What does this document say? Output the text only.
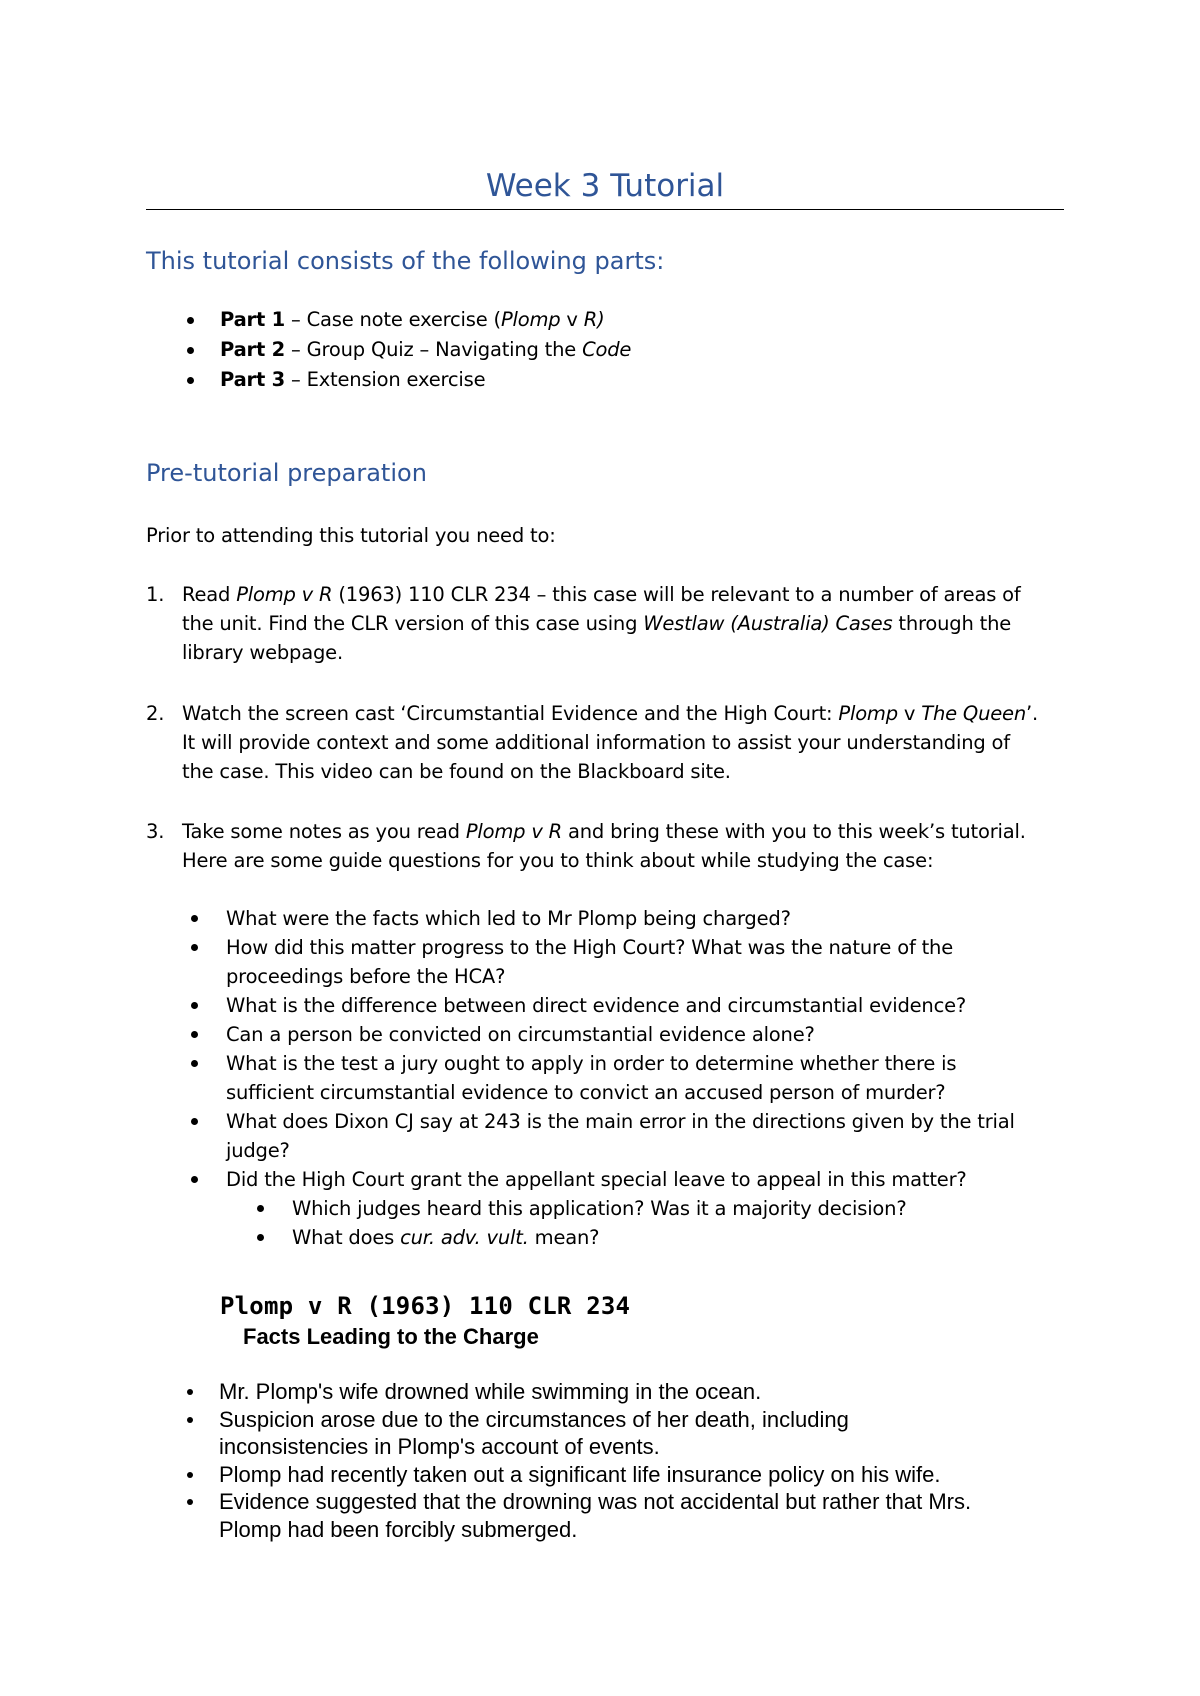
Week 3 Tutorial
This tutorial consists of the following parts:
Part 1 – Case note exercise (Plomp v R)
Part 2 – Group Quiz – Navigating the Code
Part 3 – Extension exercise
Pre-tutorial preparation
Prior to attending this tutorial you need to:
1. Read Plomp v R (1963) 110 CLR 234 – this case will be relevant to a number of areas of
the unit. Find the CLR version of this case using Westlaw (Australia) Cases through the
library webpage.
2. Watch the screen cast ‘Circumstantial Evidence and the High Court: Plomp v The Queen’.
It will provide context and some additional information to assist your understanding of
the case. This video can be found on the Blackboard site.
3. Take some notes as you read Plomp v R and bring these with you to this week’s tutorial.
Here are some guide questions for you to think about while studying the case:
What were the facts which led to Mr Plomp being charged?
How did this matter progress to the High Court? What was the nature of the
proceedings before the HCA?
What is the difference between direct evidence and circumstantial evidence?
Can a person be convicted on circumstantial evidence alone?
What is the test a jury ought to apply in order to determine whether there is
sufficient circumstantial evidence to convict an accused person of murder?
What does Dixon CJ say at 243 is the main error in the directions given by the trial
judge?
Did the High Court grant the appellant special leave to appeal in this matter?
Which judges heard this application? Was it a majority decision?
What does cur. adv. vult. mean?
Plomp v R (1963) 110 CLR 234
Facts Leading to the Charge
Mr. Plomp's wife drowned while swimming in the ocean.
Suspicion arose due to the circumstances of her death, including
inconsistencies in Plomp's account of events.
Plomp had recently taken out a significant life insurance policy on his wife.
Evidence suggested that the drowning was not accidental but rather that Mrs.
Plomp had been forcibly submerged.
